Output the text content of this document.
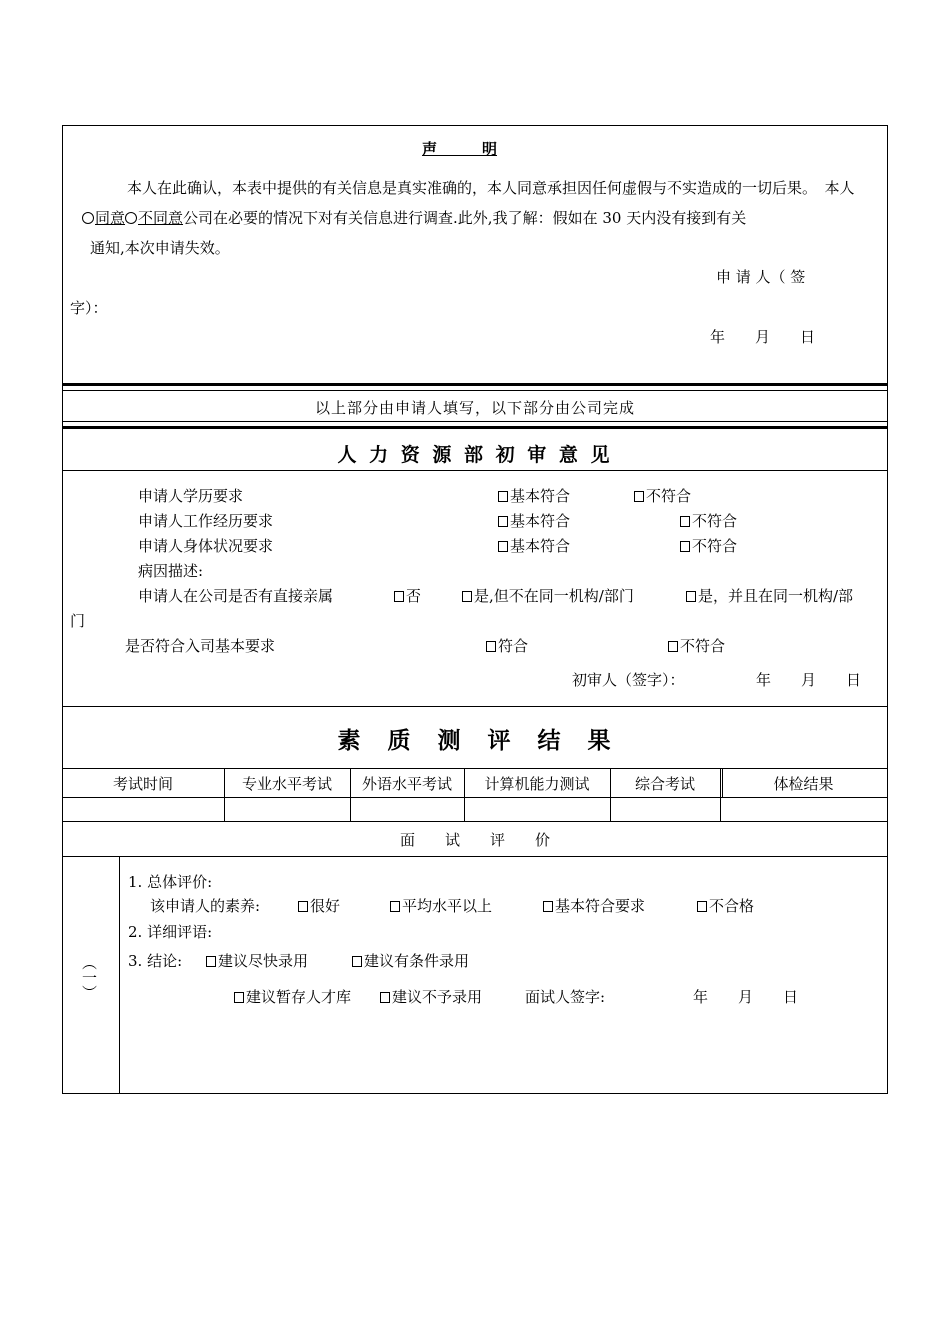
声　　　明
本人在此确认，本表中提供的有关信息是真实准确的，本人同意承担因任何虚假与不实造成的一切后果。　本人
同意 不同意公司在必要的情况下对有关信息进行调查.此外,我了解：假如在 30 天内没有接到有关
通知,本次申请失效。
申 请 人（ 签
字）：
年　　月　　日
以上部分由申请人填写，以下部分由公司完成
人 力 资 源 部 初 审 意 见
申请人学历要求	基本符合	不符合
申请人工作经历要求	基本符合	不符合
申请人身体状况要求	基本符合	不符合
病因描述:
申请人在公司是否有直接亲属	否	是,但不在同一机构/部门	是，并且在同一机构/部
门
是否符合入司基本要求	符合	不符合
初审人（签字）：	年　　月　　日
素　质　测　评　结　果
考试时间	专业水平考试	外语水平考试	计算机能力测试	综合考试	体检结果
面　　试　　评　　价
（一）
1. 总体评价:
该申请人的素养:	很好	平均水平以上	基本符合要求	不合格
2. 详细评语:
3. 结论:	建议尽快录用	建议有条件录用
建议暂存人才库	建议不予录用	面试人签字:	年　　月　　日
